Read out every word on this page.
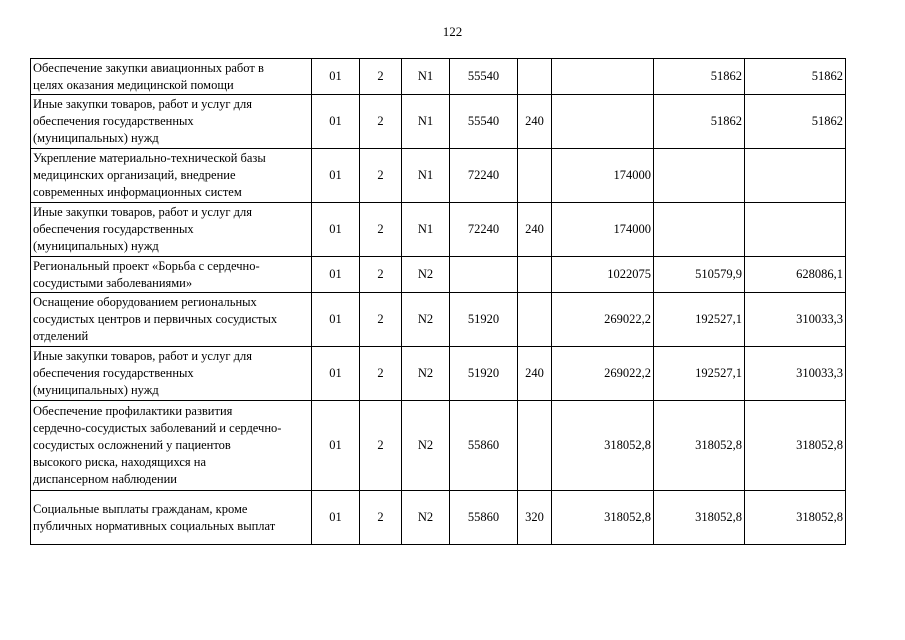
122
Обеспечение закупки авиационных работ в
целях оказания медицинской помощи	01	2	N1	55540			51862	51862

Иные закупки товаров, работ и услуг для
обеспечения государственных
(муниципальных) нужд	01	2	N1	55540	240		51862	51862

Укрепление материально-технической базы
медицинских организаций, внедрение
современных информационных систем	01	2	N1	72240		174000		

Иные закупки товаров, работ и услуг для
обеспечения государственных
(муниципальных) нужд	01	2	N1	72240	240	174000		

Региональный проект «Борьба с сердечно-
сосудистыми заболеваниями»	01	2	N2			1022075	510579,9	628086,1

Оснащение оборудованием региональных
сосудистых центров и первичных сосудистых
отделений	01	2	N2	51920		269022,2	192527,1	310033,3

Иные закупки товаров, работ и услуг для
обеспечения государственных
(муниципальных) нужд	01	2	N2	51920	240	269022,2	192527,1	310033,3

Обеспечение профилактики развития
сердечно-сосудистых заболеваний и сердечно-
сосудистых осложнений у пациентов
высокого риска, находящихся на
диспансерном наблюдении	01	2	N2	55860		318052,8	318052,8	318052,8

Социальные выплаты гражданам, кроме
публичных нормативных социальных выплат	01	2	N2	55860	320	318052,8	318052,8	318052,8
